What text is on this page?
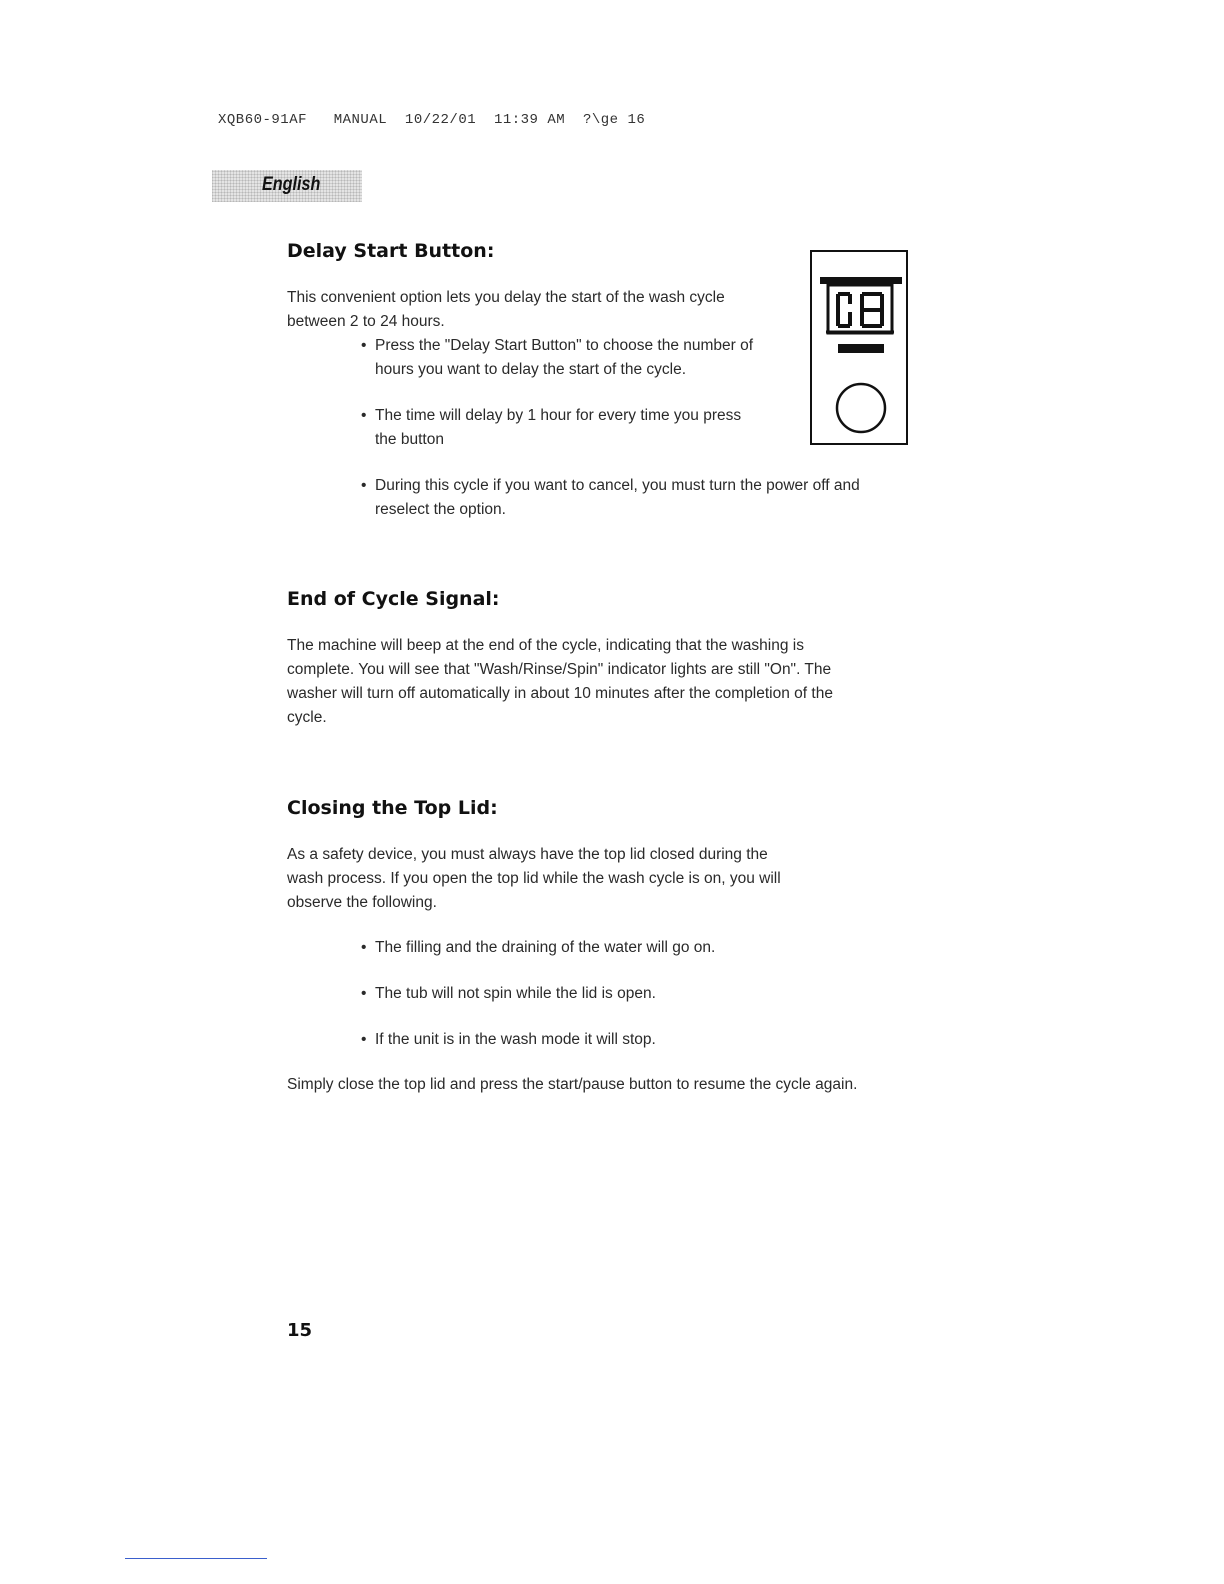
XQB60-91AF   MANUAL  10/22/01  11:39 AM  ?\ge 16
English
Delay Start Button:

This convenient option lets you delay the start of the wash cycle

between 2 to 24 hours.

• Press the "Delay Start Button" to choose the number of
hours you want to delay the start of the cycle.
• The time will delay by 1 hour for every time you press
the button
• During this cycle if you want to cancel, you must turn the power off and
reselect the option.
End of Cycle Signal:

The machine will beep at the end of the cycle, indicating that the washing is

complete. You will see that "Wash/Rinse/Spin" indicator lights are still "On". The

washer will turn off automatically in about 10 minutes after the completion of the

cycle.

Closing the Top Lid:

As a safety device, you must always have the top lid closed during the

wash process. If you open the top lid while the wash cycle is on, you will

observe the following.

• The filling and the draining of the water will go on.
• The tub will not spin while the lid is open.
• If the unit is in the wash mode it will stop.

Simply close the top lid and press the start/pause button to resume the cycle again.

15
